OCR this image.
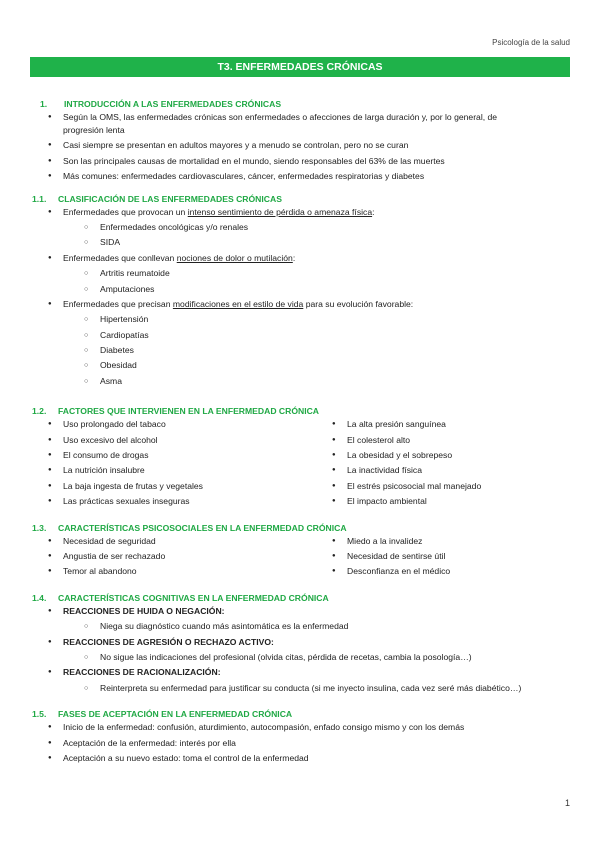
Psicología de la salud
T3. ENFERMEDADES CRÓNICAS
1. INTRODUCCIÓN A LAS ENFERMEDADES CRÓNICAS
● Según la OMS, las enfermedades crónicas son enfermedades o afecciones de larga duración y, por lo general, de
progresión lenta
● Casi siempre se presentan en adultos mayores y a menudo se controlan, pero no se curan
● Son las principales causas de mortalidad en el mundo, siendo responsables del 63% de las muertes
● Más comunes: enfermedades cardiovasculares, cáncer, enfermedades respiratorias y diabetes
1.1. CLASIFICACIÓN DE LAS ENFERMEDADES CRÓNICAS
● Enfermedades que provocan un intenso sentimiento de pérdida o amenaza física:
○ Enfermedades oncológicas y/o renales
○ SIDA
● Enfermedades que conllevan nociones de dolor o mutilación:
○ Artritis reumatoide
○ Amputaciones
● Enfermedades que precisan modificaciones en el estilo de vida para su evolución favorable:
○ Hipertensión
○ Cardiopatías
○ Diabetes
○ Obesidad
○ Asma
1.2. FACTORES QUE INTERVIENEN EN LA ENFERMEDAD CRÓNICA
● Uso prolongado del tabaco
● Uso excesivo del alcohol
● El consumo de drogas
● La nutrición insalubre
● La baja ingesta de frutas y vegetales
● Las prácticas sexuales inseguras
● La alta presión sanguínea
● El colesterol alto
● La obesidad y el sobrepeso
● La inactividad física
● El estrés psicosocial mal manejado
● El impacto ambiental
1.3. CARACTERÍSTICAS PSICOSOCIALES EN LA ENFERMEDAD CRÓNICA
● Necesidad de seguridad
● Angustia de ser rechazado
● Temor al abandono
● Miedo a la invalidez
● Necesidad de sentirse útil
● Desconfianza en el médico
1.4. CARACTERÍSTICAS COGNITIVAS EN LA ENFERMEDAD CRÓNICA
● REACCIONES DE HUIDA O NEGACIÓN:
○ Niega su diagnóstico cuando más asintomática es la enfermedad
● REACCIONES DE AGRESIÓN O RECHAZO ACTIVO:
○ No sigue las indicaciones del profesional (olvida citas, pérdida de recetas, cambia la posología…)
● REACCIONES DE RACIONALIZACIÓN:
○ Reinterpreta su enfermedad para justificar su conducta (si me inyecto insulina, cada vez seré más diabético…)
1.5. FASES DE ACEPTACIÓN EN LA ENFERMEDAD CRÓNICA
● Inicio de la enfermedad: confusión, aturdimiento, autocompasión, enfado consigo mismo y con los demás
● Aceptación de la enfermedad: interés por ella
● Aceptación a su nuevo estado: toma el control de la enfermedad
1
